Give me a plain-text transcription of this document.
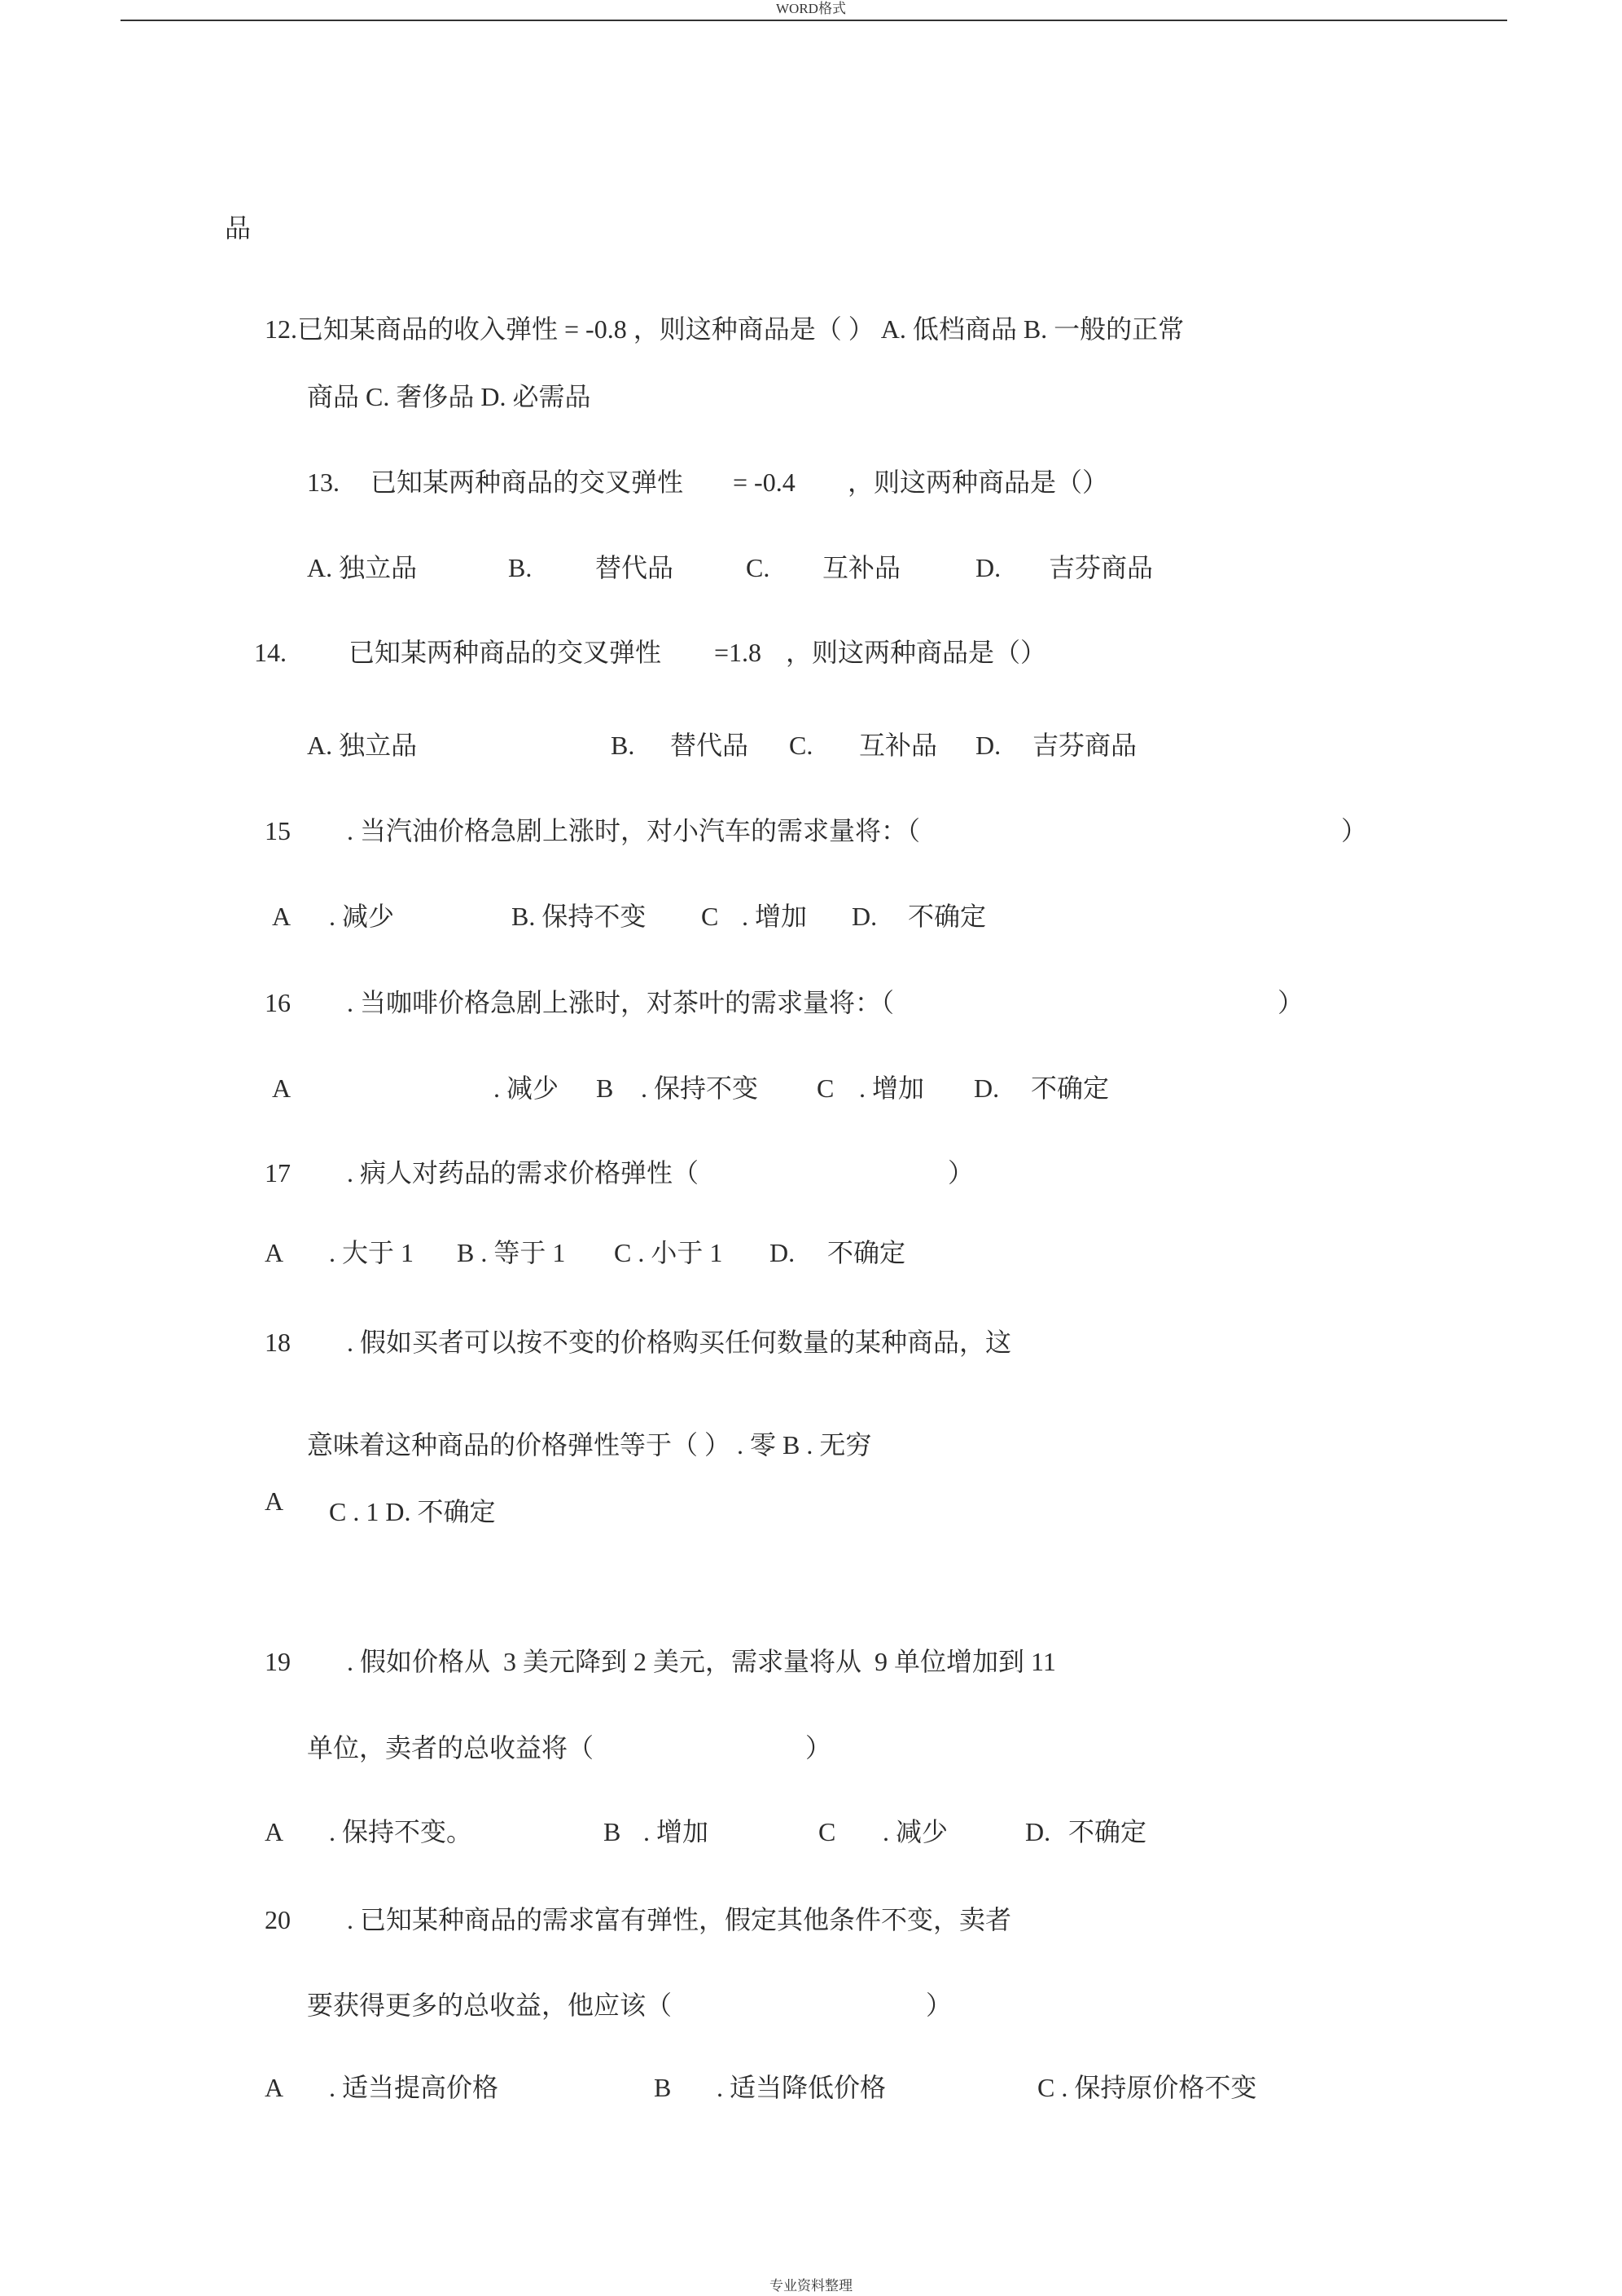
WORD格式
品
12.已知某商品的收入弹性 = -0.8 ，则这种商品是（ ） A. 低档商品 B. 一般的正常
商品 C. 奢侈品 D. 必需品
13. 已知某两种商品的交叉弹性 = -0.4 ，则这两种商品是（）
A. 独立品	B. 替代品	C. 互补品	D. 吉芬商品
14. 已知某两种商品的交叉弹性 =1.8 ，则这两种商品是（）
A. 独立品	B. 替代品 C. 互补品 D. 吉芬商品
15 . 当汽油价格急剧上涨时，对小汽车的需求量将：（	）
A . 减少	B. 保持不变 C . 增加 D. 不确定
16 . 当咖啡价格急剧上涨时，对茶叶的需求量将：（	）
A	. 减少 B . 保持不变 C . 增加 D. 不确定
17 . 病人对药品的需求价格弹性（	）
A . 大于 1 B . 等于 1 C . 小于 1 D. 不确定
18 . 假如买者可以按不变的价格购买任何数量的某种商品，这
意味着这种商品的价格弹性等于（ ） . 零 B . 无穷
A C . 1 D. 不确定
19 . 假如价格从  3 美元降到 2 美元，需求量将从  9 单位增加到 11
单位，卖者的总收益将（	）
A . 保持不变。	B . 增加	C . 减少	D. 不确定
20 . 已知某种商品的需求富有弹性，假定其他条件不变，卖者
要获得更多的总收益，他应该（	）
A . 适当提高价格	B . 适当降低价格	C . 保持原价格不变
专业资料整理
